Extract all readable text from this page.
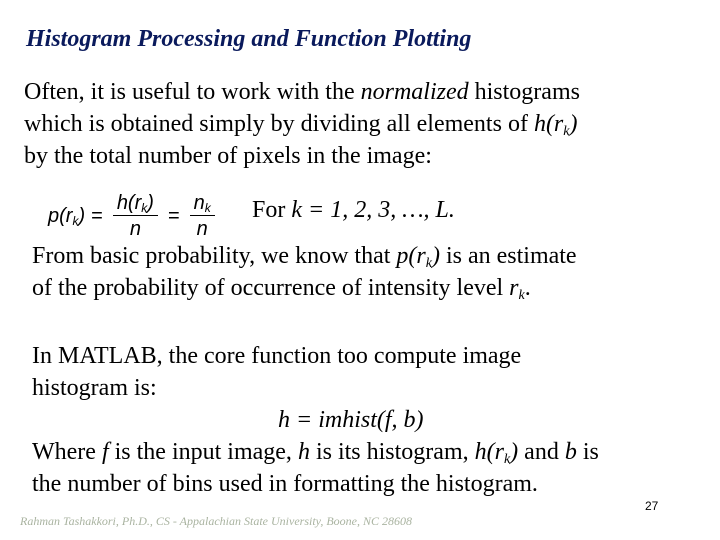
Histogram Processing and Function Plotting
Often, it is useful to work with the normalized histograms
which is obtained simply by dividing all elements of $h(r_k)$
by the total number of pixels in the image:
$p(r_k) = \frac{h(r_k)}{n} = \frac{n_k}{n}$ For k = 1, 2, 3, …, L.
From basic probability, we know that $p(r_k)$ is an estimate
of the probability of occurrence of intensity level $r_k$.
In MATLAB, the core function too compute image
histogram is:
h = imhist(f, b)
Where f is the input image, h is its histogram, $h(r_k)$ and b is
the number of bins used in formatting the histogram.
Rahman Tashakkori, Ph.D., CS - Appalachian State University, Boone, NC 28608
27
